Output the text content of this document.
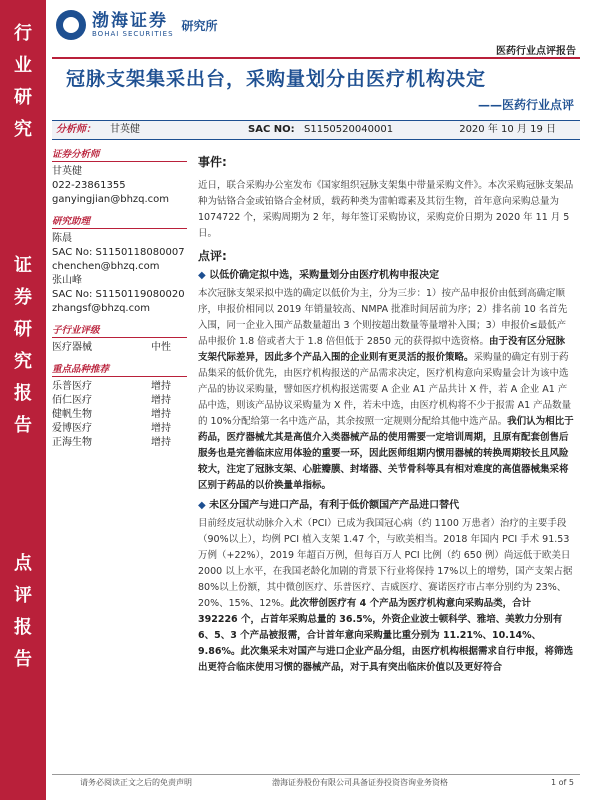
行
业
研
究
证
券
研
究
报
告
点
评
报
告
渤海证券
BOHAI SECURITIES
研究所
医药行业点评报告
冠脉支架集采出台，采购量划分由医疗机构决定
——医药行业点评
分析师： 甘英健	SAC NO: S1150520040001	2020 年 10 月 19 日
证券分析师
甘英健
022-23861355
ganyingjian@bhzq.com
研究助理
陈晨
SAC No: S1150118080007
chenchen@bhzq.com
张山峰
SAC No: S1150119080020
zhangsf@bhzq.com
子行业评级
医疗器械	中性
重点品种推荐
乐普医疗	增持
佰仁医疗	增持
健帆生物	增持
爱博医疗	增持
正海生物	增持
事件:

近日，联合采购办公室发布《国家组织冠脉支架集中带量采购文件》。本次采购冠脉支架品种为钴铬合金或铂铬合金材质，载药种类为雷帕霉素及其衍生物，首年意向采购总量为 1074722 个，采购周期为 2 年，每年签订采购协议，采购竞价日期为 2020 年 11 月 5 日。

点评:
◆ 以低价确定拟中选，采购量划分由医疗机构申报决定

本次冠脉支架采拟中选的确定以低价为主，分为三步：1）按产品申报价由低到高确定顺序，申报价相同以 2019 年销量较高、NMPA 批准时间居前为序；2）排名前 10 名首先入围，同一企业入围产品数量超出 3 个则按超出数量等量增补入围；3）申报价≤最低产品申报价 1.8 倍或者大于 1.8 倍但低于 2850 元的获得拟中选资格。由于没有区分冠脉支架代际差异，因此多个产品入围的企业则有更灵活的报价策略。采购量的确定有别于药品集采的低价优先，由医疗机构报送的产品需求决定，医疗机构意向采购量会计为该中选产品的协议采购量，譬如医疗机构报送需要 A 企业 A1 产品共计 X 件，若 A 企业 A1 产品中选，则该产品协议采购量为 X 件，若未中选，由医疗机构将不少于报需 A1 产品数量的 10%分配给第一名中选产品，其余按照一定规则分配给其他中选产品。我们认为相比于药品，医疗器械尤其是高值介入类器械产品的使用需要一定培训周期，且原有配套创售后服务也是完善临床应用体验的重要一环，因此医师组期内惯用器械的转换周期较长且风险较大，注定了冠脉支架、心脏瓣膜、封堵器、关节骨科等具有相对难度的高值器械集采将区别于药品的以价换量单指标。

◆ 未区分国产与进口产品，有利于低价额国产产品进口替代

目前经皮冠状动脉介入术（PCI）已成为我国冠心病（约 1100 万患者）治疗的主要手段（90%以上），均例 PCI 植入支架 1.47 个，与欧美相当。2018 年国内 PCI 手术 91.53 万例（+22%），2019 年超百万例，但每百万人 PCI 比例（约 650 例）尚远低于欧美日 2000 以上水平，在我国老龄化加剧的背景下行业将保持 17%以上的增势，国产支架占据 80%以上份额，其中微创医疗、乐普医疗、吉威医疗、赛诺医疗市占率分别约为 23%、20%、15%、12%。此次带创医疗有 4 个产品为医疗机构意向采购品类，合计 392226 个，占首年采购总量的 36.5%，外资企业波士顿科学、雅培、美敦力分别有 6、5、3 个产品被报需，合计首年意向采购量比重分别为 11.21%、10.14%、9.86%。此次集采未对国产与进口企业产品分组，由医疗机构根据需求自行申报，将筛选出更符合临床使用习惯的器械产品，对于具有突出临床价值以及更好符合

请务必阅读正文之后的免责声明	渤海证券股份有限公司具备证券投资咨询业务资格	1 of 5
